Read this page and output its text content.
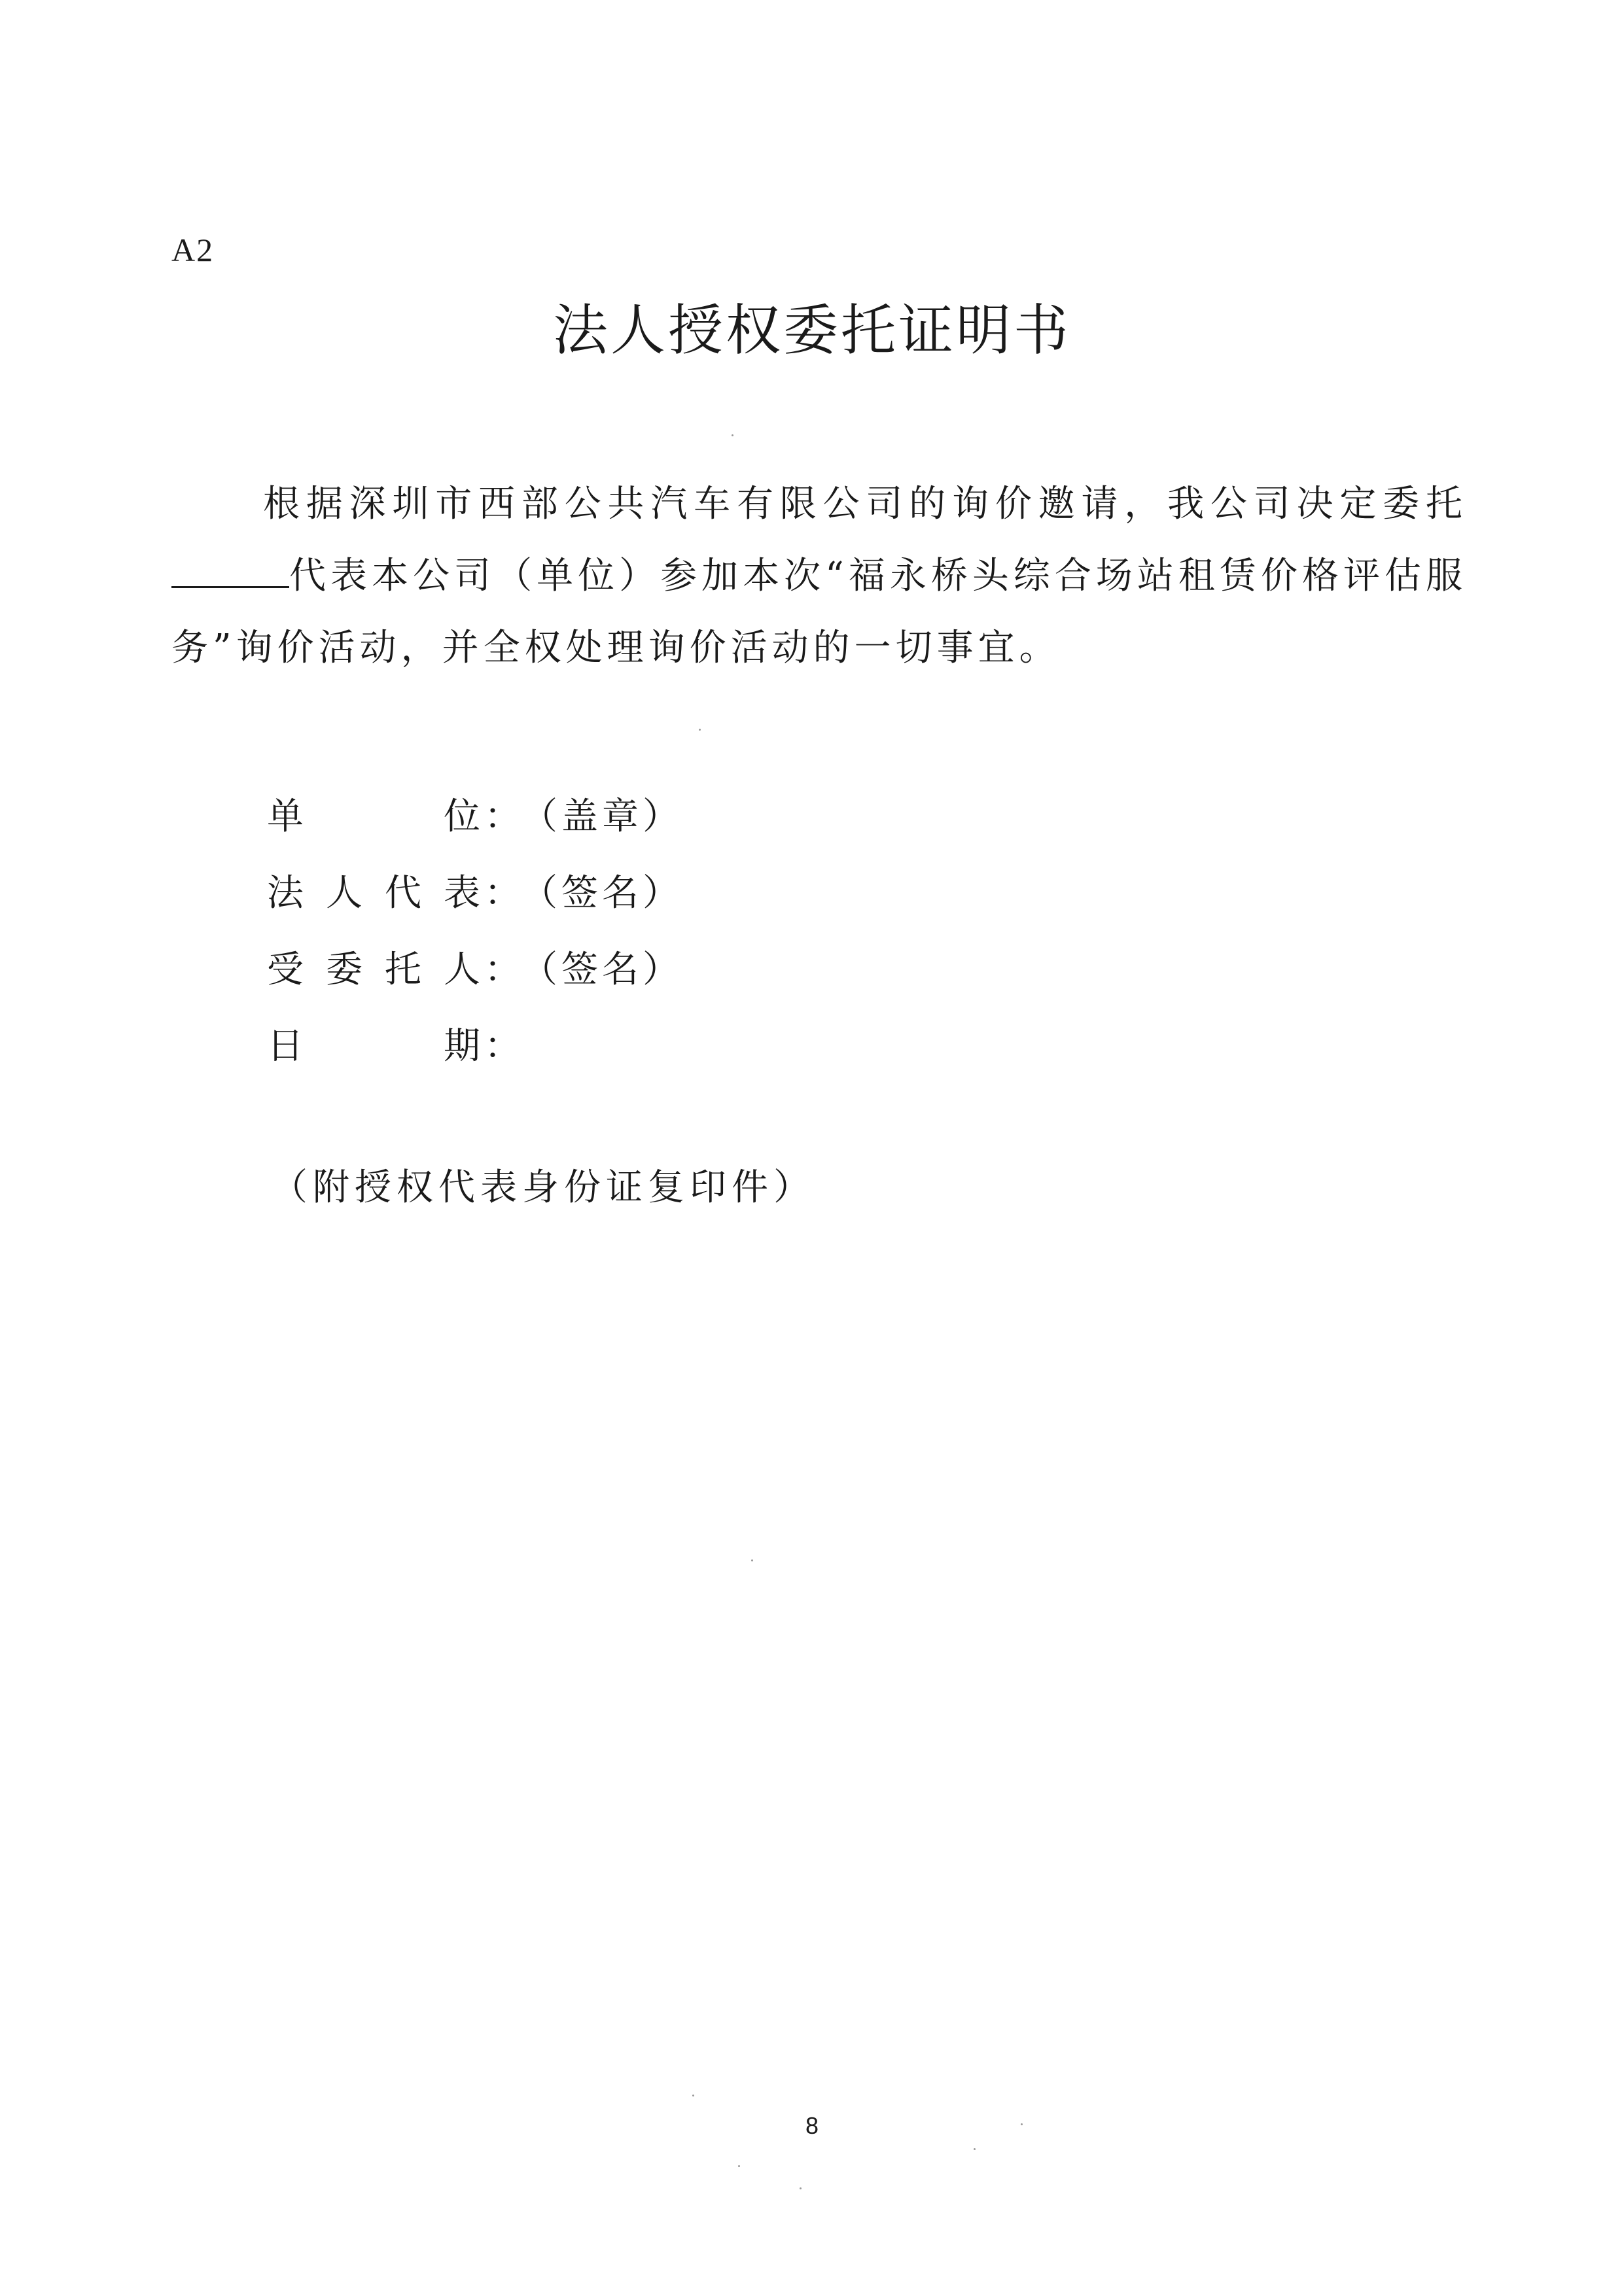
A2
法人授权委托证明书

根据深圳市西部公共汽车有限公司的询价邀请，我公司决定委托代表本公司（单位）参加本次“福永桥头综合场站租赁价格评估服务”询价活动，并全权处理询价活动的一切事宜。

单位 ：
（盖章）
法人代表 ：
（签名）
受委托人 ：
（签名）
日期 ：
（附授权代表身份证复印件）
8
